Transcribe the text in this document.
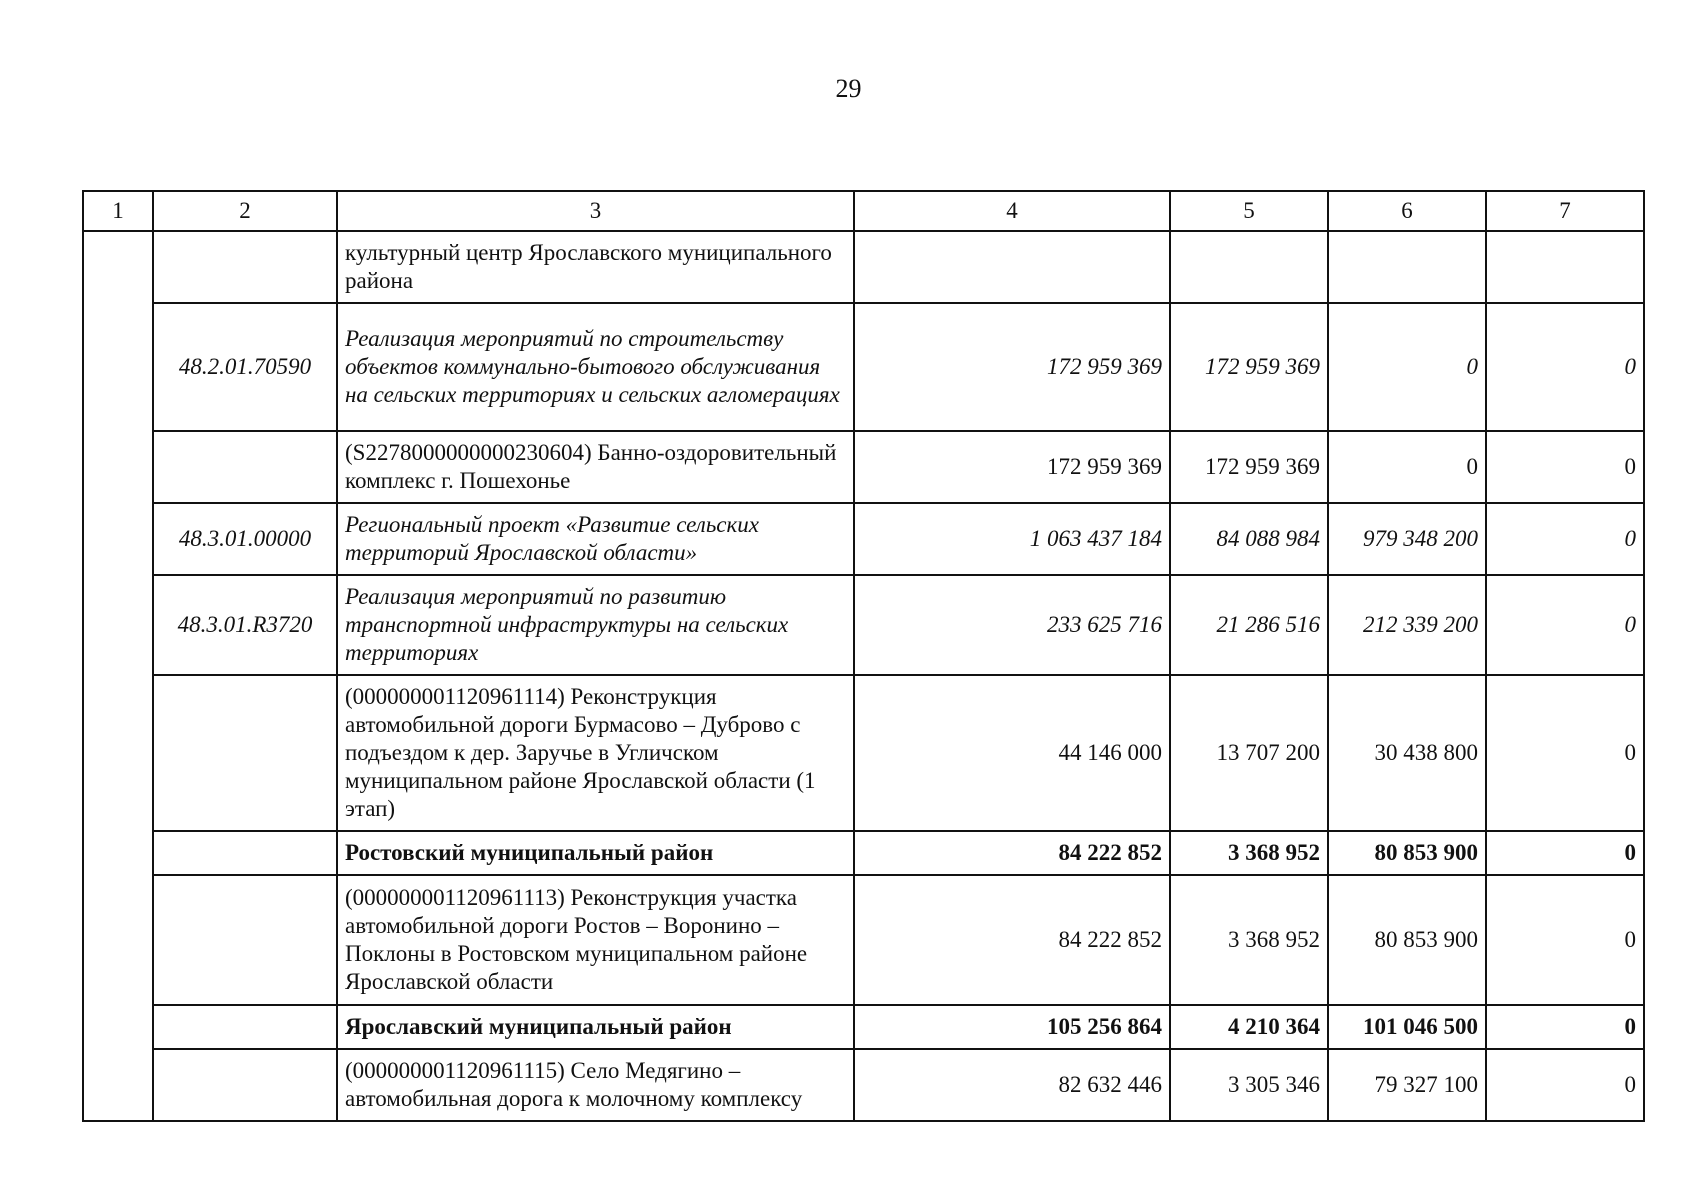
29
1	2	3	4	5	6	7
		культурный центр Ярославского муниципального района				
	48.2.01.70590	Реализация мероприятий по строительству объектов коммунально-бытового обслуживания на сельских территориях и сельских агломерациях	172 959 369	172 959 369	0	0
		(S2278000000000230604) Банно-оздоровительный комплекс г. Пошехонье	172 959 369	172 959 369	0	0
	48.3.01.00000	Региональный проект «Развитие сельских территорий Ярославской области»	1 063 437 184	84 088 984	979 348 200	0
	48.3.01.R3720	Реализация мероприятий по развитию транспортной инфраструктуры на сельских территориях	233 625 716	21 286 516	212 339 200	0
		(000000001120961114) Реконструкция автомобильной дороги Бурмасово – Дуброво с подъездом к дер. Заручье в Угличском муниципальном районе Ярославской области (1 этап)	44 146 000	13 707 200	30 438 800	0
		Ростовский муниципальный район	84 222 852	3 368 952	80 853 900	0
		(000000001120961113) Реконструкция участка автомобильной дороги Ростов – Воронино – Поклоны в Ростовском муниципальном районе Ярославской области	84 222 852	3 368 952	80 853 900	0
		Ярославский муниципальный район	105 256 864	4 210 364	101 046 500	0
		(000000001120961115) Село Медягино – автомобильная дорога к молочному комплексу	82 632 446	3 305 346	79 327 100	0
